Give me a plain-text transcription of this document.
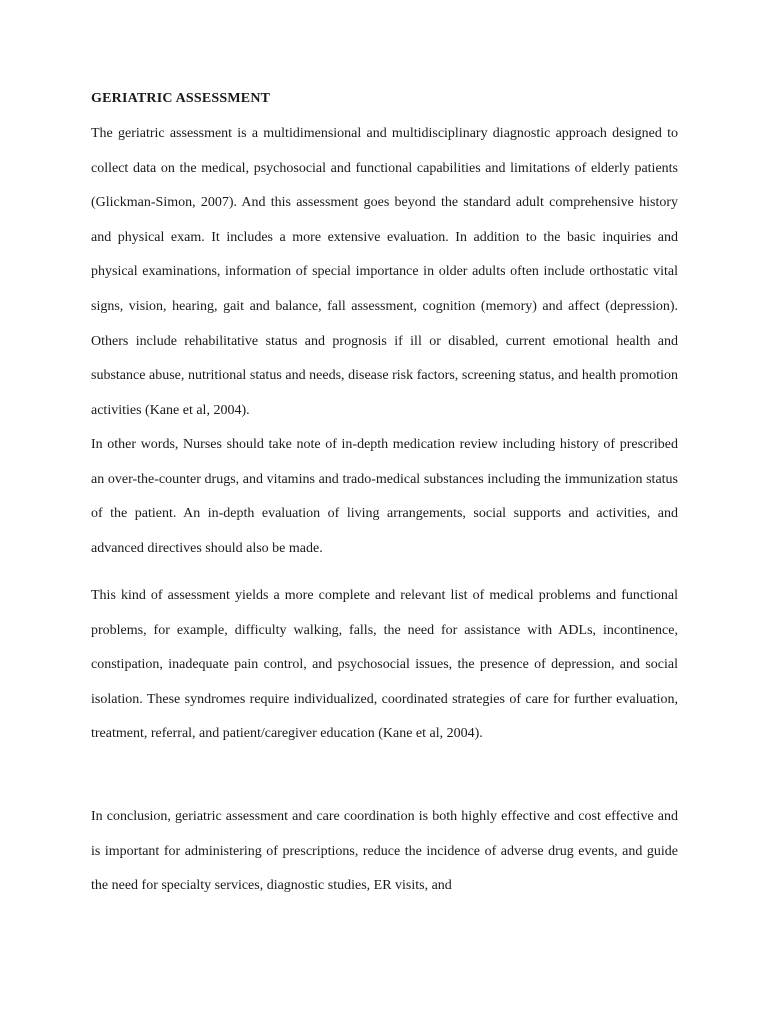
GERIATRIC ASSESSMENT

The geriatric assessment is a multidimensional and multidisciplinary diagnostic approach designed to collect data on the medical, psychosocial and functional capabilities and limitations of elderly patients (Glickman-Simon, 2007). And this assessment goes beyond the standard adult comprehensive history and physical exam. It includes a more extensive evaluation. In addition to the basic inquiries and physical examinations, information of special importance in older adults often include orthostatic vital signs, vision, hearing, gait and balance, fall assessment, cognition (memory) and affect (depression). Others include rehabilitative status and prognosis if ill or disabled, current emotional health and substance abuse, nutritional status and needs, disease risk factors, screening status, and health promotion activities (Kane et al, 2004).

In other words, Nurses should take note of in-depth medication review including history of prescribed an over-the-counter drugs, and vitamins and trado-medical substances including the immunization status of the patient. An in-depth evaluation of living arrangements, social supports and activities, and advanced directives should also be made.

This kind of assessment yields a more complete and relevant list of medical problems and functional problems, for example, difficulty walking, falls, the need for assistance with ADLs, incontinence, constipation, inadequate pain control, and psychosocial issues, the presence of depression, and social isolation. These syndromes require individualized, coordinated strategies of care for further evaluation, treatment, referral, and patient/caregiver education (Kane et al, 2004).

In conclusion, geriatric assessment and care coordination is both highly effective and cost effective and is important for administering of prescriptions, reduce the incidence of adverse drug events, and guide the need for specialty services, diagnostic studies, ER visits, and
